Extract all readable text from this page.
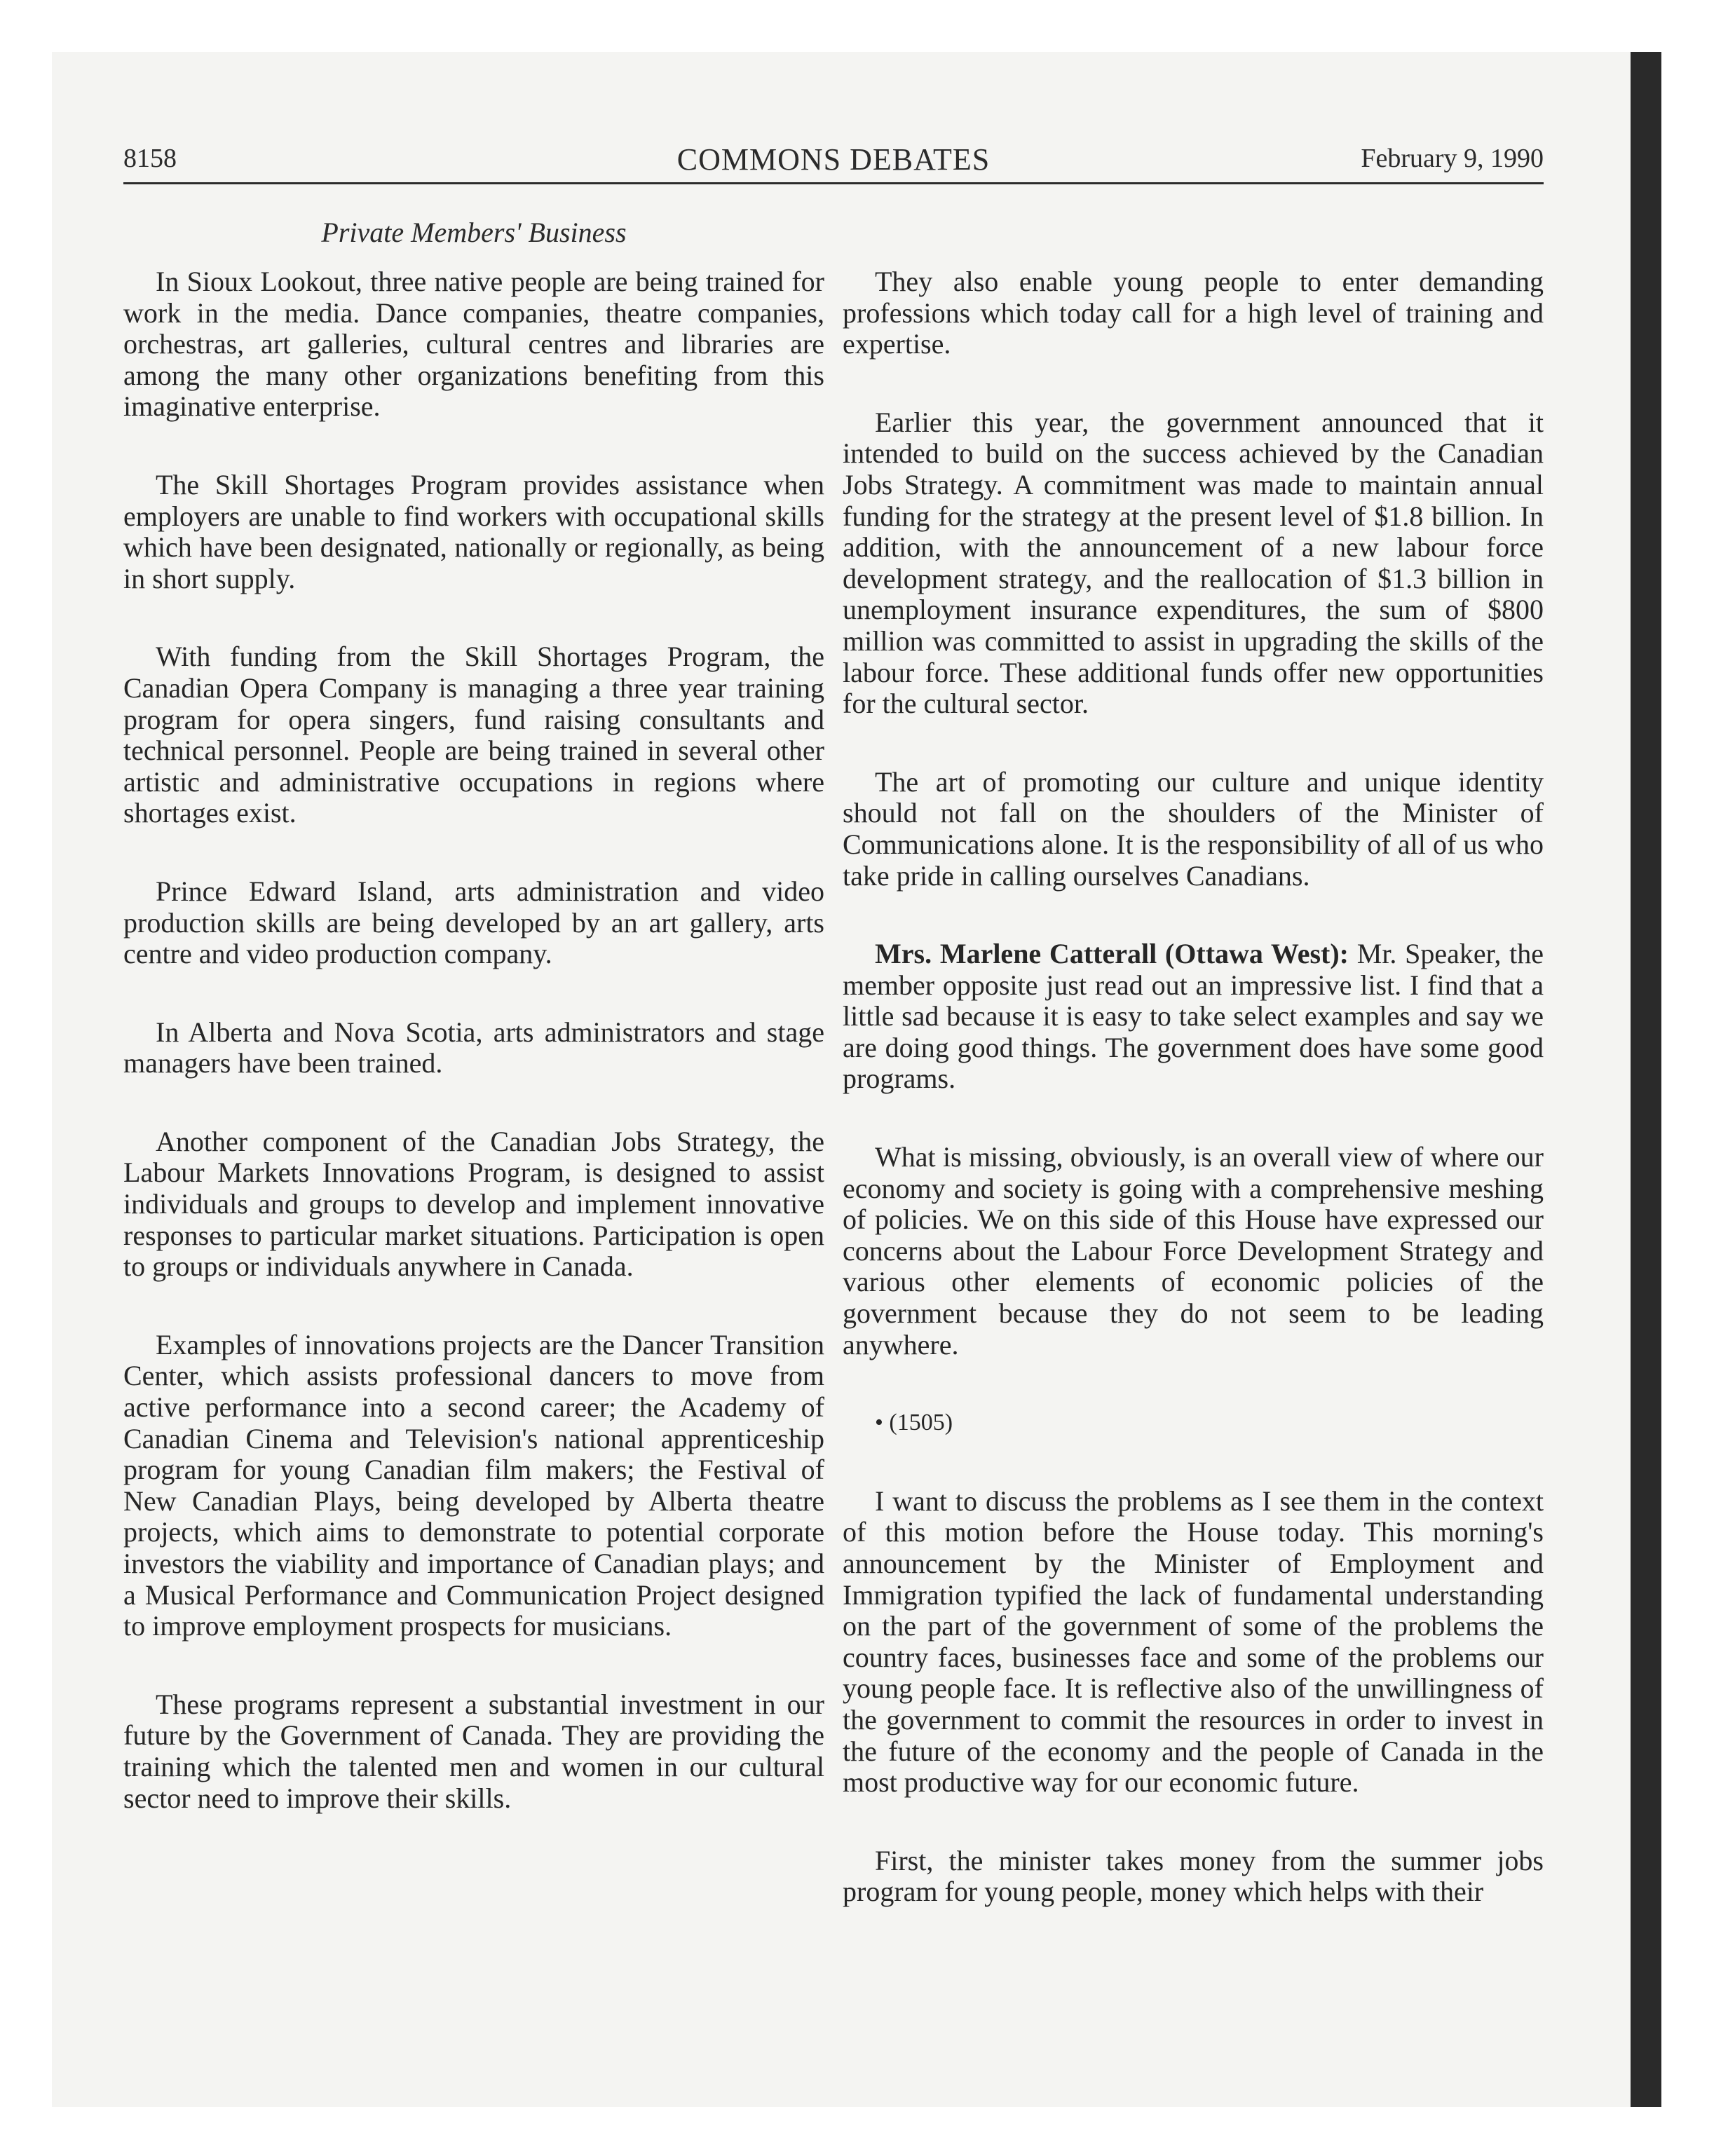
8158	COMMONS DEBATES	February 9, 1990
Private Members' Business

In Sioux Lookout, three native people are being trained for work in the media. Dance companies, theatre companies, orchestras, art galleries, cultural centres and libraries are among the many other organizations benefiting from this imaginative enterprise.

The Skill Shortages Program provides assistance when employers are unable to find workers with occupational skills which have been designated, nationally or regionally, as being in short supply.

With funding from the Skill Shortages Program, the Canadian Opera Company is managing a three year training program for opera singers, fund raising consultants and technical personnel. People are being trained in several other artistic and administrative occupations in regions where shortages exist.

Prince Edward Island, arts administration and video production skills are being developed by an art gallery, arts centre and video production company.

In Alberta and Nova Scotia, arts administrators and stage managers have been trained.

Another component of the Canadian Jobs Strategy, the Labour Markets Innovations Program, is designed to assist individuals and groups to develop and implement innovative responses to particular market situations. Participation is open to groups or individuals anywhere in Canada.

Examples of innovations projects are the Dancer Transition Center, which assists professional dancers to move from active performance into a second career; the Academy of Canadian Cinema and Television's national apprenticeship program for young Canadian film makers; the Festival of New Canadian Plays, being developed by Alberta theatre projects, which aims to demonstrate to potential corporate investors the viability and importance of Canadian plays; and a Musical Performance and Communication Project designed to improve employment prospects for musicians.

These programs represent a substantial investment in our future by the Government of Canada. They are providing the training which the talented men and women in our cultural sector need to improve their skills.

They also enable young people to enter demanding professions which today call for a high level of training and expertise.

Earlier this year, the government announced that it intended to build on the success achieved by the Canadian Jobs Strategy. A commitment was made to maintain annual funding for the strategy at the present level of $1.8 billion. In addition, with the announcement of a new labour force development strategy, and the reallocation of $1.3 billion in unemployment insurance expenditures, the sum of $800 million was committed to assist in upgrading the skills of the labour force. These additional funds offer new opportunities for the cultural sector.

The art of promoting our culture and unique identity should not fall on the shoulders of the Minister of Communications alone. It is the responsibility of all of us who take pride in calling ourselves Canadians.

Mrs. Marlene Catterall (Ottawa West): Mr. Speaker, the member opposite just read out an impressive list. I find that a little sad because it is easy to take select examples and say we are doing good things. The government does have some good programs.

What is missing, obviously, is an overall view of where our economy and society is going with a comprehensive meshing of policies. We on this side of this House have expressed our concerns about the Labour Force Development Strategy and various other elements of economic policies of the government because they do not seem to be leading anywhere.

• (1505)

I want to discuss the problems as I see them in the context of this motion before the House today. This morning's announcement by the Minister of Employment and Immigration typified the lack of fundamental understanding on the part of the government of some of the problems the country faces, businesses face and some of the problems our young people face. It is reflective also of the unwillingness of the government to commit the resources in order to invest in the future of the economy and the people of Canada in the most productive way for our economic future.

First, the minister takes money from the summer jobs program for young people, money which helps with their
